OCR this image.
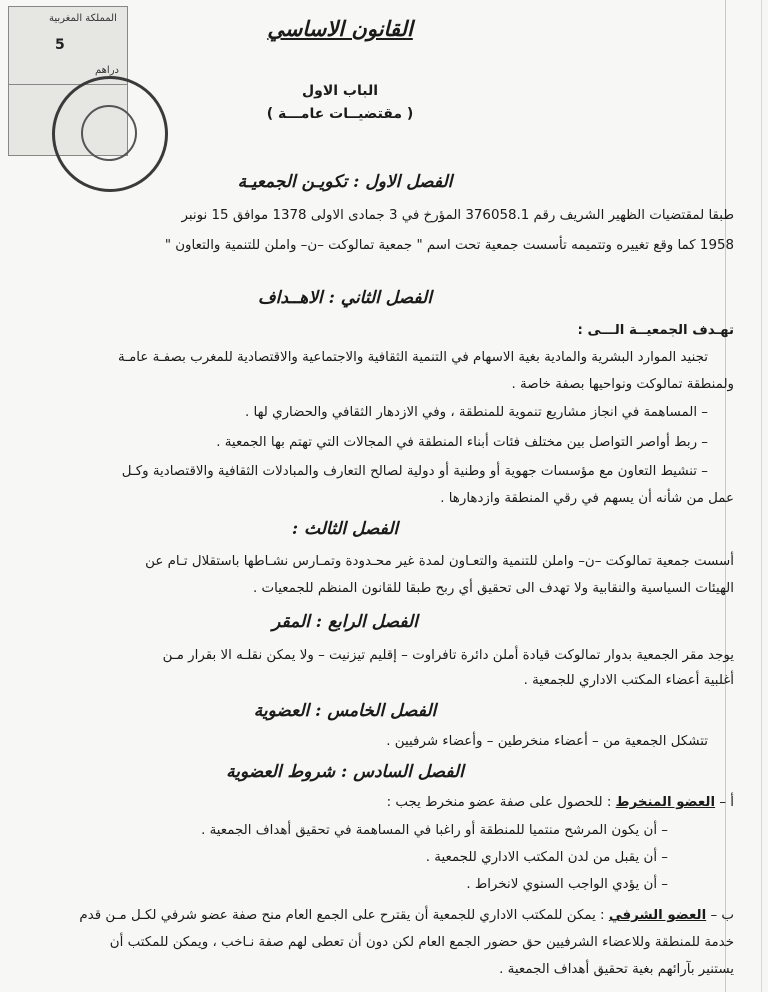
المملكة المغربية
5
دراهم
القانون الاساسي
الباب الاول
( مقتضيــات عامـــة )
الفصل الاول : تكويـن الجمعيـة
طبقا لمقتضيات الظهير الشريف رقم 376058.1 المؤرخ في 3 جمادى الاولى 1378 موافق 15 نونبر
1958 كما وقع تغييره وتتميمه تأسست جمعية تحت اسم " جمعية تمالوكت –ن– واملن للتنمية والتعاون "
الفصل الثاني : الاهــداف
تهـدف الجمعيــة الـــى :
تجنيد الموارد البشرية والمادية بغية الاسهام في التنمية الثقافية والاجتماعية والاقتصادية للمغرب بصفـة عامـة
ولمنطقة تمالوكت ونواحيها بصفة خاصة .
– المساهمة في انجاز مشاريع تنموية للمنطقة ، وفي الازدهار الثقافي والحضاري لها .
– ربط أواصر التواصل بين مختلف فئات أبناء المنطقة في المجالات التي تهتم بها الجمعية .
– تنشيط التعاون مع مؤسسات جهوية أو وطنية أو دولية لصالح التعارف والمبادلات الثقافية والاقتصادية وكـل
عمل من شأنه أن يسهم في رقي المنطقة وازدهارها .
الفصل الثالث :
أسست جمعية تمالوكت –ن– واملن للتنمية والتعـاون لمدة غير محـدودة وتمـارس نشـاطها باستقلال تـام عن
الهيئات السياسية والنقابية ولا تهدف الى تحقيق أي ربح طبقا للقانون المنظم للجمعيات .
الفصل الرابع : المقر
يوجد مقر الجمعية بدوار تمالوكت قيادة أملن دائرة تافراوت – إقليم تيزنيت – ولا يمكن نقلـه الا بقرار مـن
أغلبية أعضاء المكتب الاداري للجمعية .
الفصل الخامس : العضوية
تتشكل الجمعية من – أعضاء منخرطين – وأعضاء شرفيين .
الفصل السادس : شروط العضوية
أ – العضو المنخرط : للحصول على صفة عضو منخرط يجب :
– أن يكون المرشح منتميا للمنطقة أو راغبا في المساهمة في تحقيق أهداف الجمعية .
– أن يقبل من لدن المكتب الاداري للجمعية .
– أن يؤدي الواجب السنوي لانخراط .
ب – العضو الشرفي : يمكن للمكتب الاداري للجمعية أن يقترح على الجمع العام منح صفة عضو شرفي لكـل مـن قدم
خدمة للمنطقة وللاعضاء الشرفيين حق حضور الجمع العام لكن دون أن تعطى لهم صفة نـاخب ، ويمكن للمكتب أن
يستنير بآرائهم بغية تحقيق أهداف الجمعية .
